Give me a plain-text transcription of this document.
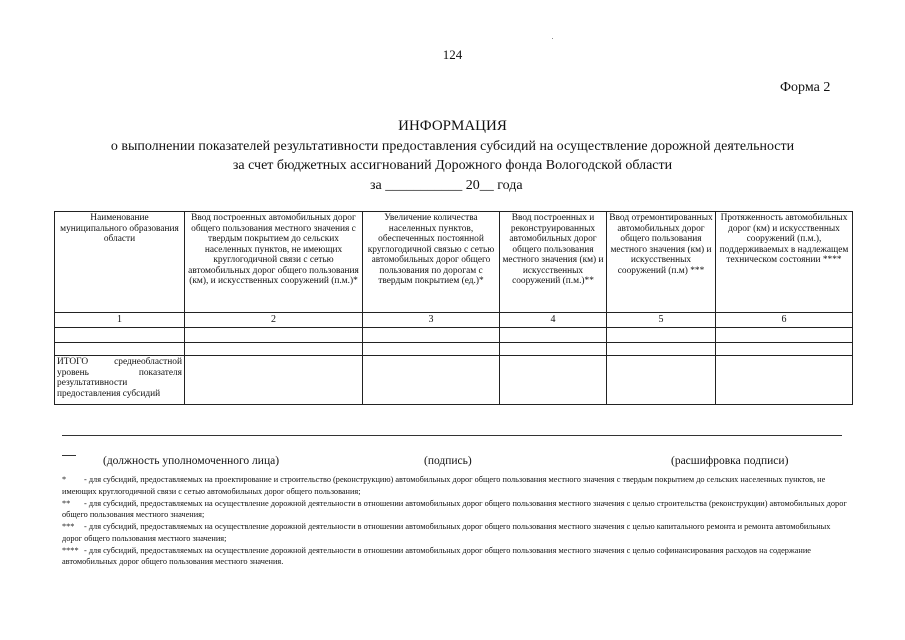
124
Форма 2
ИНФОРМАЦИЯ
о выполнении показателей результативности предоставления субсидий на осуществление дорожной деятельности
за счет бюджетных ассигнований Дорожного фонда Вологодской области
за ___________ 20__ года
Наименование муниципального образования области	Ввод построенных автомобильных дорог общего пользования местного значения с твердым покрытием до сельских населенных пунктов, не имеющих круглогодичной связи с сетью автомобильных дорог общего пользования (км), и искусственных сооружений (п.м.)*	Увеличение количества населенных пунктов, обеспеченных постоянной круглогодичной связью с сетью автомобильных дорог общего пользования по дорогам с твердым покрытием (ед.)*	Ввод построенных и реконструированных автомобильных дорог общего пользования местного значения (км) и искусственных сооружений (п.м.)**	Ввод отремонтированных автомобильных дорог общего пользования местного значения (км) и искусственных сооружений (п.м) ***	Протяженность автомобильных дорог (км) и искусственных сооружений (п.м.), поддерживаемых в надлежащем техническом состоянии ****
1	2	3	4	5	6

ИТОГО среднеобластной уровень показателя результативности предоставления субсидий					
(должность уполномоченного лица)	(подпись)	(расшифровка подписи)

* - для субсидий, предоставляемых на проектирование и строительство (реконструкцию) автомобильных дорог общего пользования местного значения с твердым покрытием до сельских населенных пунктов, не имеющих круглогодичной связи с сетью автомобильных дорог общего пользования;

** - для субсидий, предоставляемых на осуществление дорожной деятельности в отношении автомобильных дорог общего пользования местного значения с целью строительства (реконструкции) автомобильных дорог общего пользования местного значения;

*** - для субсидий, предоставляемых на осуществление дорожной деятельности в отношении автомобильных дорог общего пользования местного значения с целью капитального ремонта и ремонта автомобильных дорог общего пользования местного значения;

**** - для субсидий, предоставляемых на осуществление дорожной деятельности в отношении автомобильных дорог общего пользования местного значения с целью софинансирования расходов на содержание автомобильных дорог общего пользования местного значения.
